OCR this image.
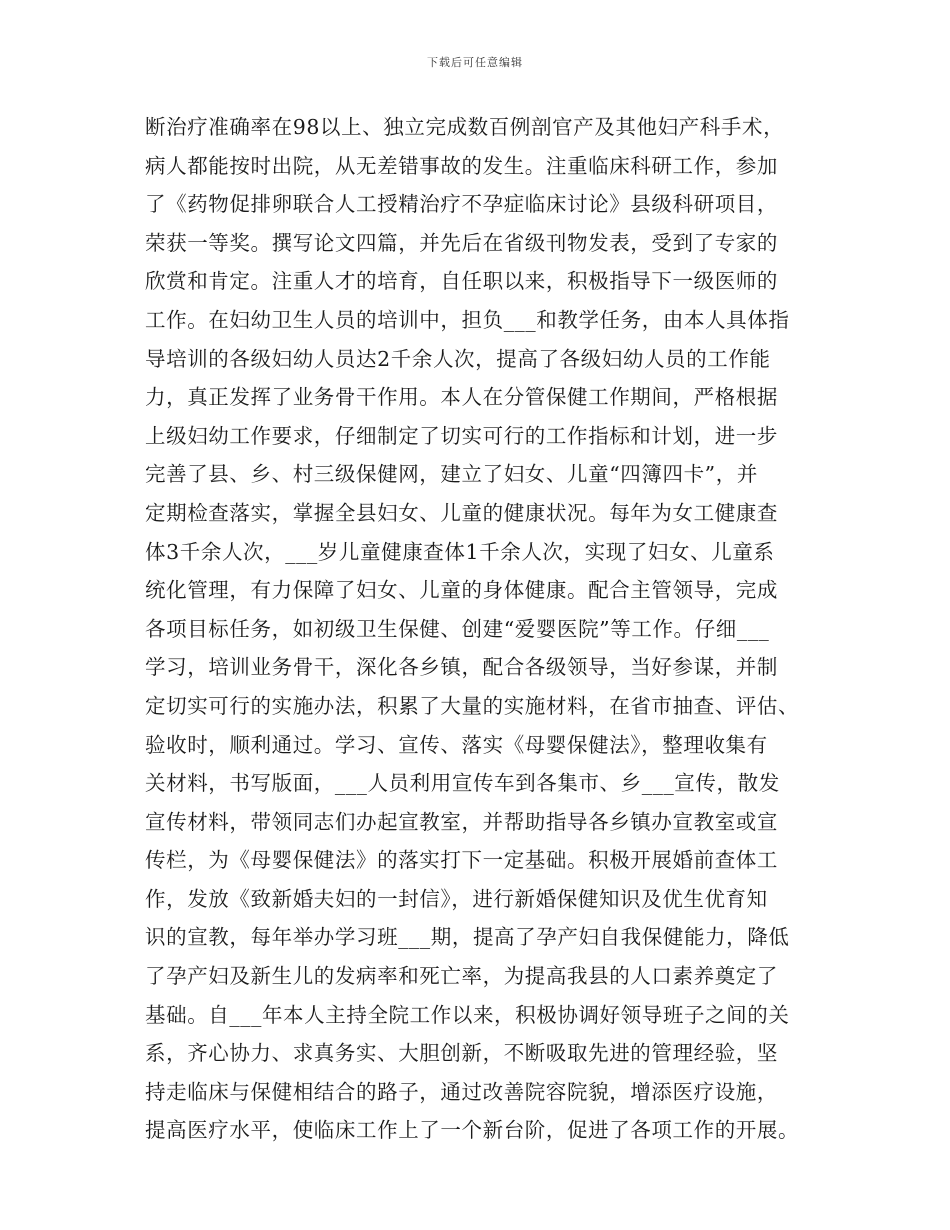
下载后可任意编辑
断治疗准确率在98以上、独立完成数百例剖官产及其他妇产科手术，
病人都能按时出院，从无差错事故的发生。注重临床科研工作，参加
了《药物促排卵联合人工授精治疗不孕症临床讨论》县级科研项目，
荣获一等奖。撰写论文四篇，并先后在省级刊物发表，受到了专家的
欣赏和肯定。注重人才的培育，自任职以来，积极指导下一级医师的
工作。在妇幼卫生人员的培训中，担负___和教学任务，由本人具体指
导培训的各级妇幼人员达2千余人次，提高了各级妇幼人员的工作能
力，真正发挥了业务骨干作用。本人在分管保健工作期间，严格根据
上级妇幼工作要求，仔细制定了切实可行的工作指标和计划，进一步
完善了县、乡、村三级保健网，建立了妇女、儿童“四簿四卡”，并
定期检查落实，掌握全县妇女、儿童的健康状况。每年为女工健康查
体3千余人次，___岁儿童健康查体1千余人次，实现了妇女、儿童系
统化管理，有力保障了妇女、儿童的身体健康。配合主管领导，完成
各项目标任务，如初级卫生保健、创建“爱婴医院”等工作。仔细___
学习，培训业务骨干，深化各乡镇，配合各级领导，当好参谋，并制
定切实可行的实施办法，积累了大量的实施材料，在省市抽查、评估、
验收时，顺利通过。学习、宣传、落实《母婴保健法》，整理收集有
关材料，书写版面，___人员利用宣传车到各集市、乡___宣传，散发
宣传材料，带领同志们办起宣教室，并帮助指导各乡镇办宣教室或宣
传栏，为《母婴保健法》的落实打下一定基础。积极开展婚前查体工
作，发放《致新婚夫妇的一封信》，进行新婚保健知识及优生优育知
识的宣教，每年举办学习班___期，提高了孕产妇自我保健能力，降低
了孕产妇及新生儿的发病率和死亡率，为提高我县的人口素养奠定了
基础。自___年本人主持全院工作以来，积极协调好领导班子之间的关
系，齐心协力、求真务实、大胆创新，不断吸取先进的管理经验，坚
持走临床与保健相结合的路子，通过改善院容院貌，增添医疗设施，
提高医疗水平，使临床工作上了一个新台阶，促进了各项工作的开展。
